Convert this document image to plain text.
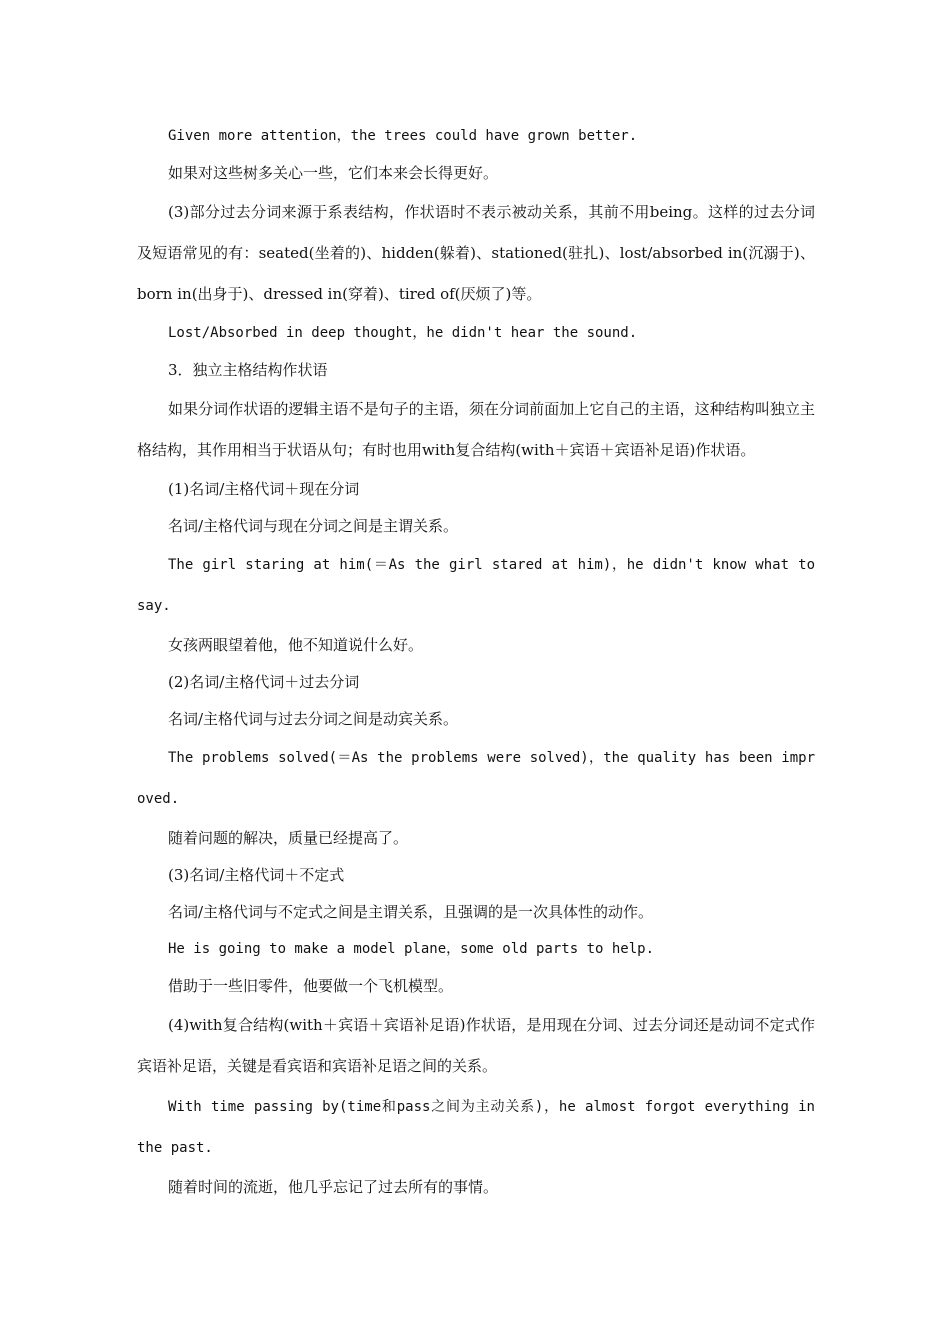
Given more attention，the trees could have grown better.

如果对这些树多关心一些，它们本来会长得更好。

(3)部分过去分词来源于系表结构，作状语时不表示被动关系，其前不用being。这样的过去分词及短语常见的有：seated(坐着的)、hidden(躲着)、stationed(驻扎)、lost/absorbed in(沉溺于)、born in(出身于)、dressed in(穿着)、tired of(厌烦了)等。

Lost/Absorbed in deep thought，he didn't hear the sound.

3．独立主格结构作状语

如果分词作状语的逻辑主语不是句子的主语，须在分词前面加上它自己的主语，这种结构叫独立主格结构，其作用相当于状语从句；有时也用with复合结构(with＋宾语＋宾语补足语)作状语。

(1)名词/主格代词＋现在分词

名词/主格代词与现在分词之间是主谓关系。

The girl staring at him(＝As the girl stared at him)，he didn't know what to say.

女孩两眼望着他，他不知道说什么好。

(2)名词/主格代词＋过去分词

名词/主格代词与过去分词之间是动宾关系。

The problems solved(＝As the problems were solved)，the quality has been improved.

随着问题的解决，质量已经提高了。

(3)名词/主格代词＋不定式

名词/主格代词与不定式之间是主谓关系，且强调的是一次具体性的动作。

He is going to make a model plane，some old parts to help.

借助于一些旧零件，他要做一个飞机模型。

(4)with复合结构(with＋宾语＋宾语补足语)作状语，是用现在分词、过去分词还是动词不定式作宾语补足语，关键是看宾语和宾语补足语之间的关系。

With time passing by(time和pass之间为主动关系)，he almost forgot everything in the past.

随着时间的流逝，他几乎忘记了过去所有的事情。
